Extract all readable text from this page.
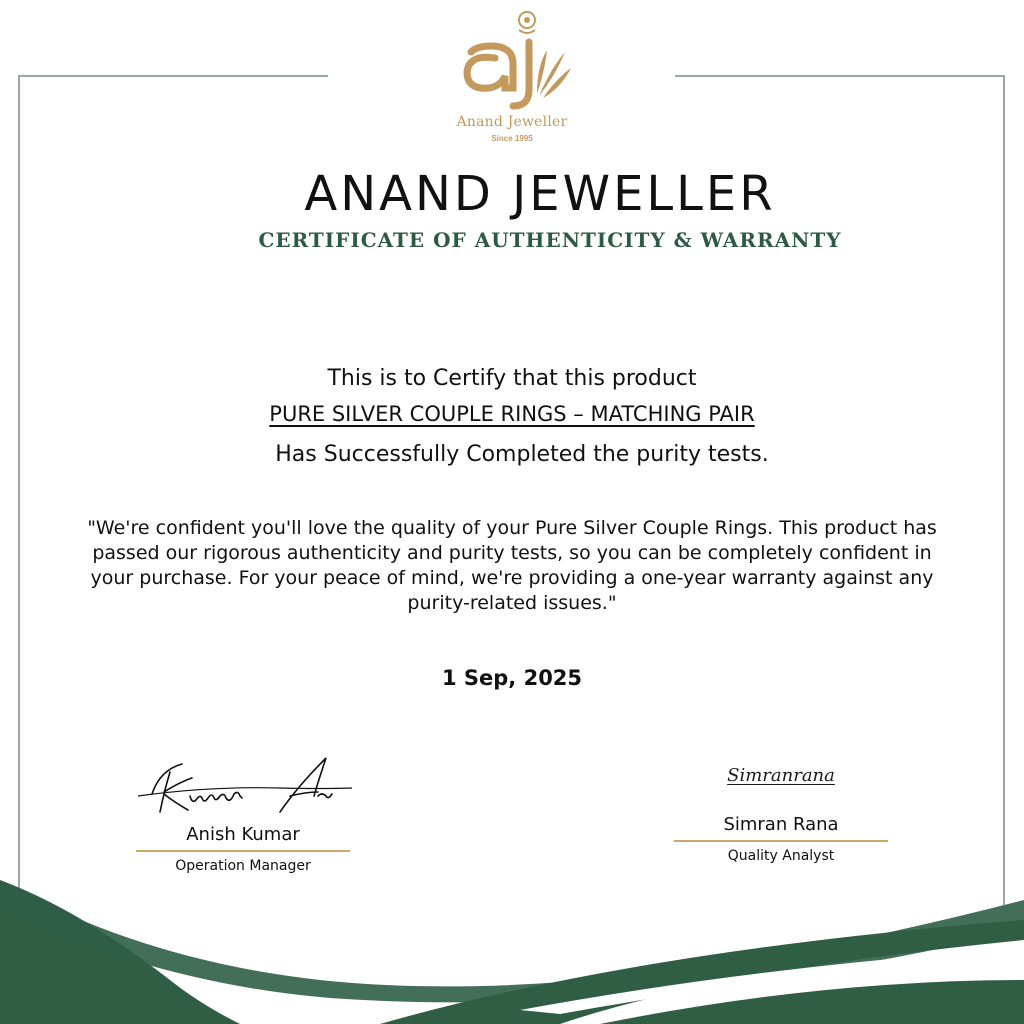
Anand Jeweller
Since 1995
ANAND JEWELLER
CERTIFICATE OF AUTHENTICITY & WARRANTY
This is to Certify that this product
PURE SILVER COUPLE RINGS – MATCHING PAIR
Has Successfully Completed the purity tests.
"We're confident you'll love the quality of your Pure Silver Couple Rings. This product has passed our rigorous authenticity and purity tests, so you can be completely confident in your purchase. For your peace of mind, we're providing a one-year warranty against any purity-related issues."
1 Sep, 2025
Anish Kumar
Operation Manager
Simranrana
Simran Rana
Quality Analyst
